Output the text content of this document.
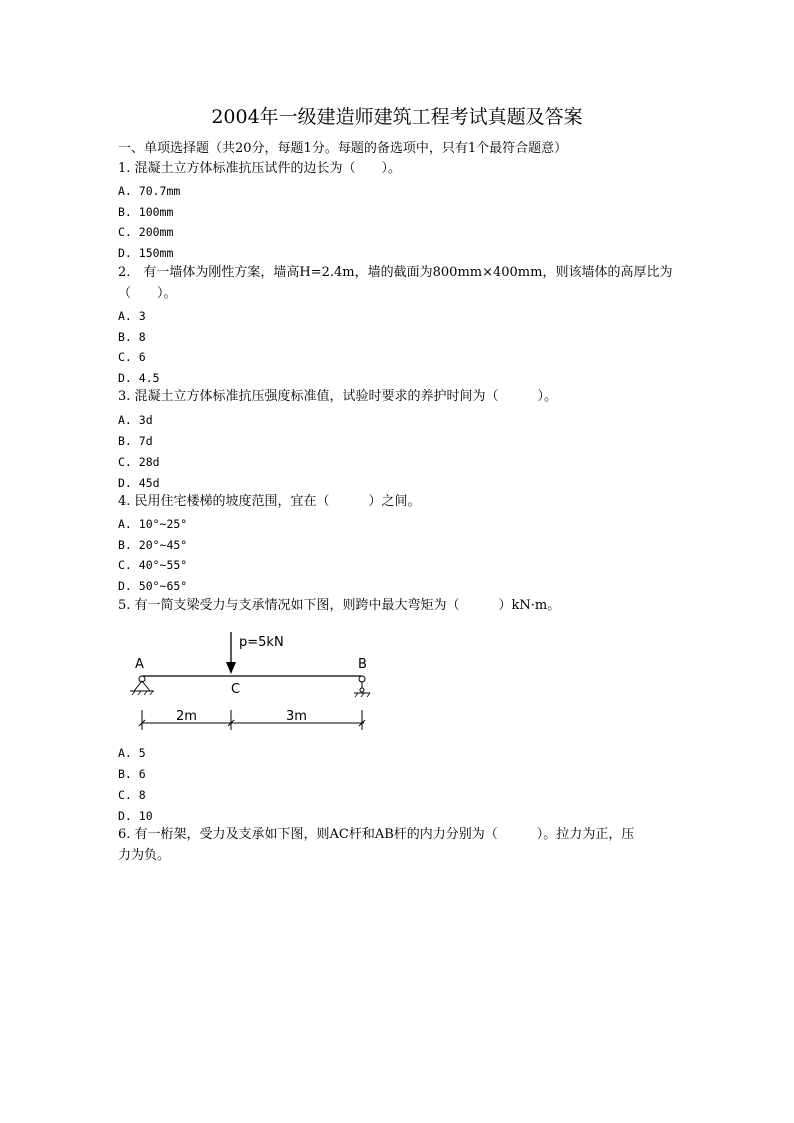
2004年一级建造师建筑工程考试真题及答案
一、单项选择题（共20分，每题1分。每题的备选项中，只有1个最符合题意）
1. 混凝土立方体标准抗压试件的边长为（　　）。
A. 70.7mm
B. 100mm
C. 200mm
D. 150mm
2.　有一墙体为刚性方案，墙高H=2.4m，墙的截面为800mm×400mm，则该墙体的高厚比为
（　　）。
A. 3
B. 8
C. 6
D. 4.5
3. 混凝土立方体标准抗压强度标准值，试验时要求的养护时间为（　　　）。
A. 3d
B. 7d
C. 28d
D. 45d
4. 民用住宅楼梯的坡度范围，宜在（　　　）之间。
A. 10°~25°
B. 20°~45°
C. 40°~55°
D. 50°~65°
5. 有一简支梁受力与支承情况如下图，则跨中最大弯矩为（　　　）kN·m。
p=5kN
A	B
C
2m	3m
A. 5
B. 6
C. 8
D. 10
6. 有一桁架，受力及支承如下图，则AC杆和AB杆的内力分别为（　　　）。拉力为正，压
力为负。
